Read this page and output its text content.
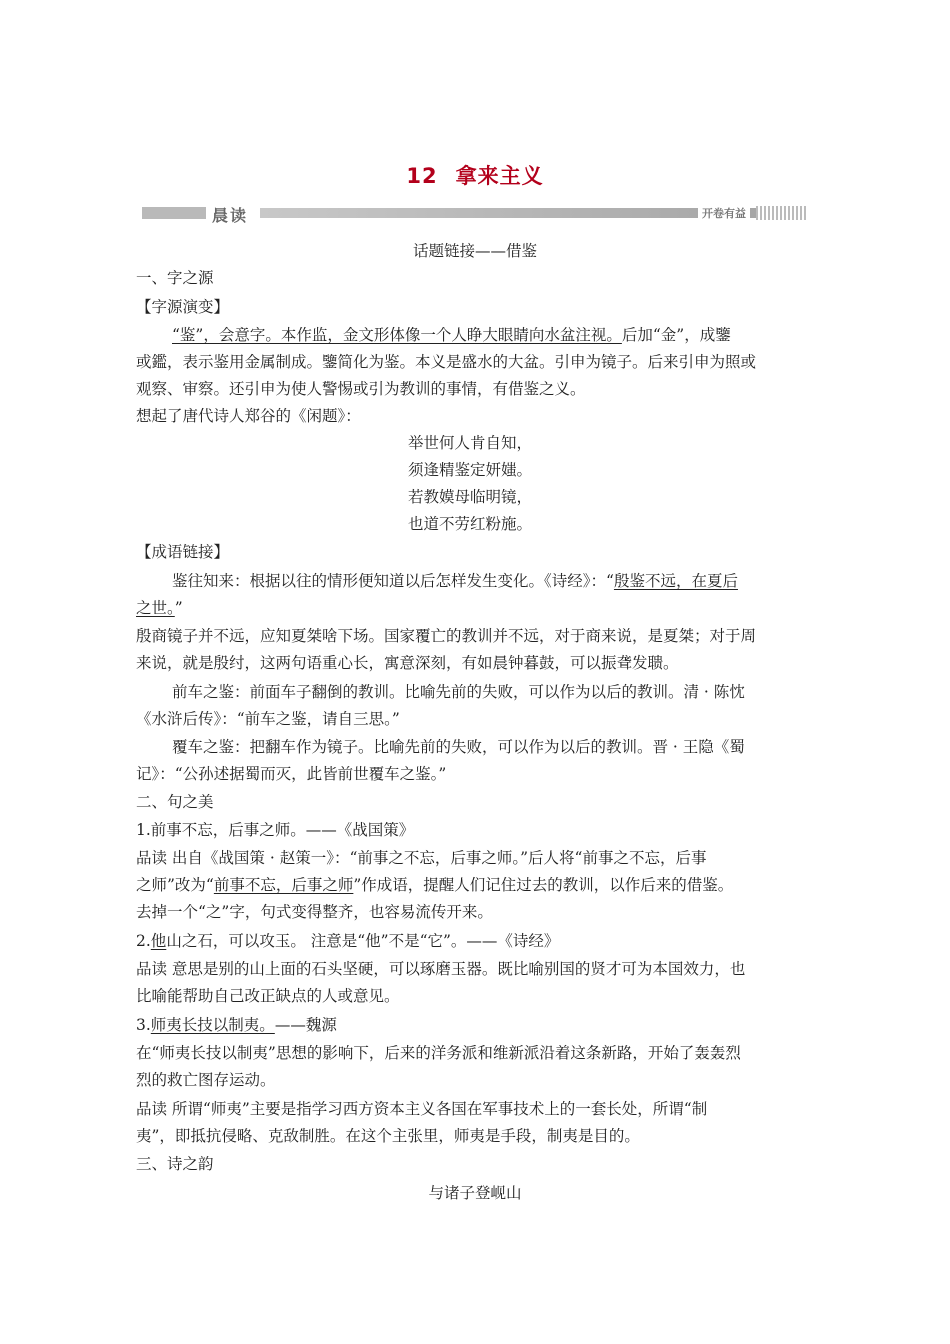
12 拿来主义
晨读	开卷有益
话题链接——借鉴
一、字之源
【字源演变】
“鉴”，会意字。本作监，金文形体像一个人睁大眼睛向水盆注视。后加“金”，成鑒
或鑑，表示鉴用金属制成。鑒简化为鉴。本义是盛水的大盆。引申为镜子。后来引申为照或
观察、审察。还引申为使人警惕或引为教训的事情，有借鉴之义。
想起了唐代诗人郑谷的《闲题》：
举世何人肯自知，
须逢精鉴定妍媸。
若教嫫母临明镜，
也道不劳红粉施。
【成语链接】
鉴往知来：根据以往的情形便知道以后怎样发生变化。《诗经》：“殷鉴不远，在夏后
之世。”
殷商镜子并不远，应知夏桀啥下场。国家覆亡的教训并不远，对于商来说，是夏桀；对于周
来说，就是殷纣，这两句语重心长，寓意深刻，有如晨钟暮鼓，可以振聋发聩。
前车之鉴：前面车子翻倒的教训。比喻先前的失败，可以作为以后的教训。清 · 陈忱
《水浒后传》：“前车之鉴，请自三思。”
覆车之鉴：把翻车作为镜子。比喻先前的失败，可以作为以后的教训。晋 · 王隐《蜀
记》：“公孙述据蜀而灭，此皆前世覆车之鉴。”
二、句之美
1.前事不忘，后事之师。——《战国策》
品读 出自《战国策 · 赵策一》：“前事之不忘，后事之师。”后人将“前事之不忘，后事
之师”改为“前事不忘，后事之师”作成语，提醒人们记住过去的教训，以作后来的借鉴。
去掉一个“之”字，句式变得整齐，也容易流传开来。
2.他山之石，可以攻玉。 注意是“他”不是“它”。——《诗经》
品读 意思是别的山上面的石头坚硬，可以琢磨玉器。既比喻别国的贤才可为本国效力，也
比喻能帮助自己改正缺点的人或意见。
3.师夷长技以制夷。——魏源
在“师夷长技以制夷”思想的影响下，后来的洋务派和维新派沿着这条新路，开始了轰轰烈
烈的救亡图存运动。
品读 所谓“师夷”主要是指学习西方资本主义各国在军事技术上的一套长处，所谓“制
夷”，即抵抗侵略、克敌制胜。在这个主张里，师夷是手段，制夷是目的。
三、诗之韵
与诸子登岘山
